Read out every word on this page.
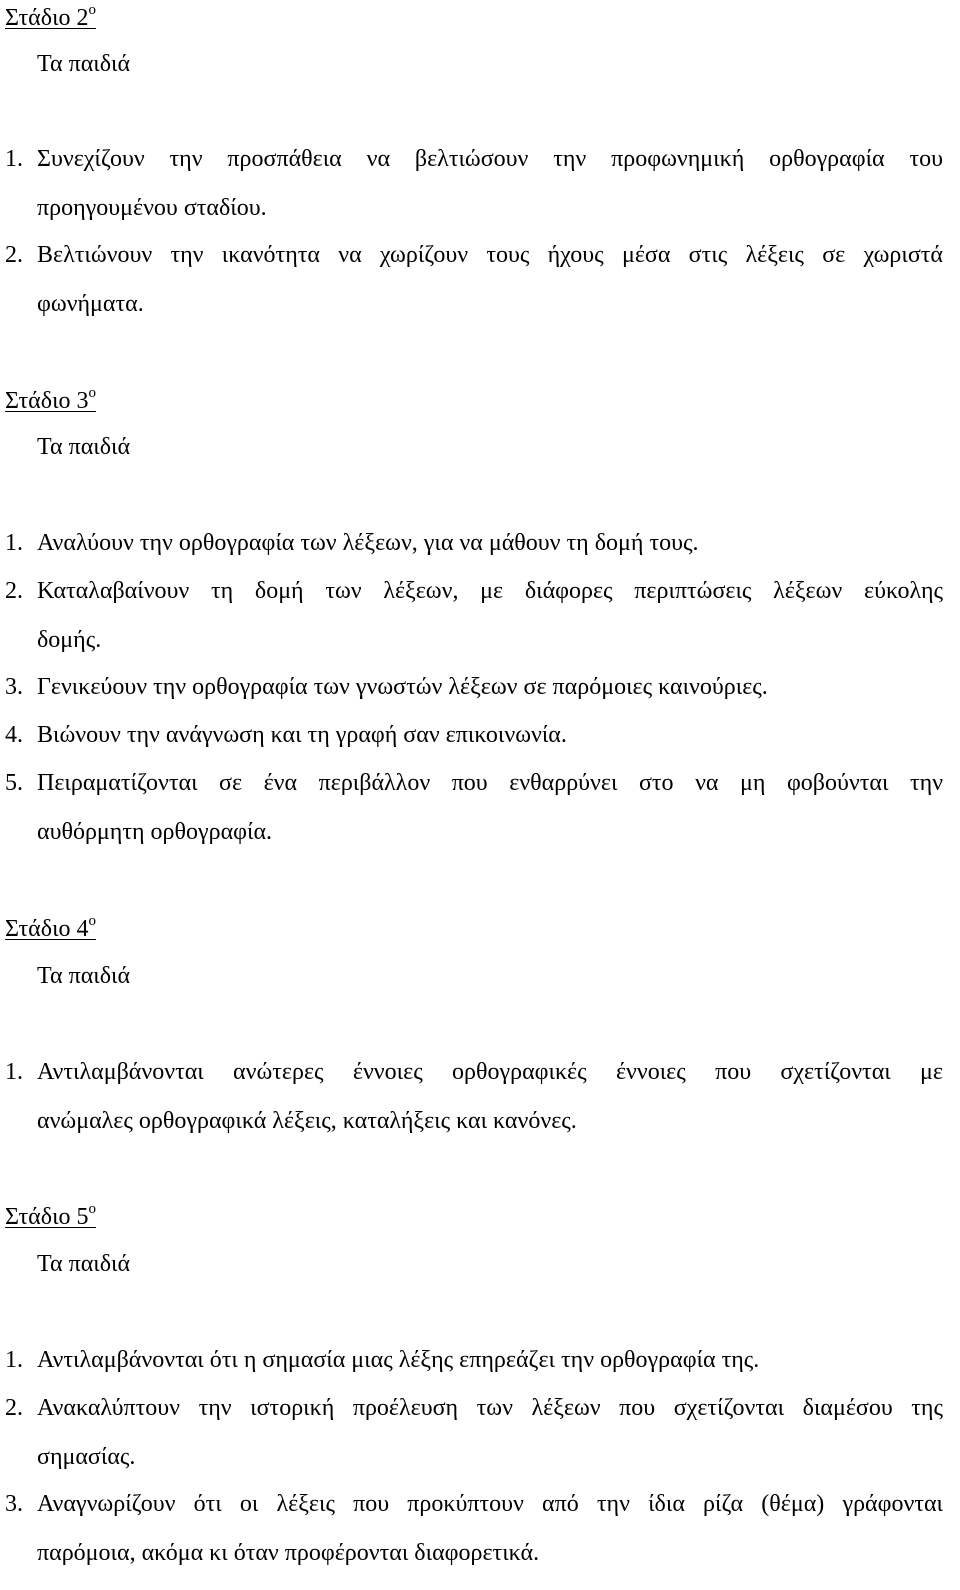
Στάδιο $2^o$
Τα παιδιά
1. Συνεχίζουν την προσπάθεια να βελτιώσουν την προφωνημική ορθογραφία του
προηγουμένου σταδίου.
2. Βελτιώνουν την ικανότητα να χωρίζουν τους ήχους μέσα στις λέξεις σε χωριστά
φωνήματα.
Στάδιο $3^o$
Τα παιδιά
1. Αναλύουν την ορθογραφία των λέξεων, για να μάθουν τη δομή τους.
2. Καταλαβαίνουν τη δομή των λέξεων, με διάφορες περιπτώσεις λέξεων εύκολης
δομής.
3. Γενικεύουν την ορθογραφία των γνωστών λέξεων σε παρόμοιες καινούριες.
4. Βιώνουν την ανάγνωση και τη γραφή σαν επικοινωνία.
5. Πειραματίζονται σε ένα περιβάλλον που ενθαρρύνει στο να μη φοβούνται την
αυθόρμητη ορθογραφία.
Στάδιο $4^o$
Τα παιδιά
1. Αντιλαμβάνονται ανώτερες έννοιες ορθογραφικές έννοιες που σχετίζονται με
ανώμαλες ορθογραφικά λέξεις, καταλήξεις και κανόνες.
Στάδιο $5^o$
Τα παιδιά
1. Αντιλαμβάνονται ότι η σημασία μιας λέξης επηρεάζει την ορθογραφία της.
2. Ανακαλύπτουν την ιστορική προέλευση των λέξεων που σχετίζονται διαμέσου της
σημασίας.
3. Αναγνωρίζουν ότι οι λέξεις που προκύπτουν από την ίδια ρίζα (θέμα) γράφονται
παρόμοια, ακόμα κι όταν προφέρονται διαφορετικά.
